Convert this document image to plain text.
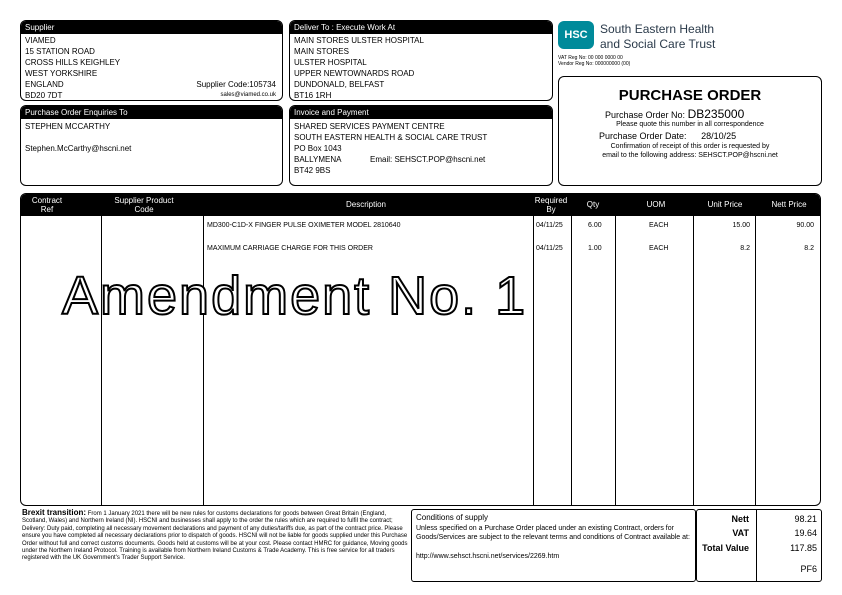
Supplier
VIAMED
15 STATION ROAD
CROSS HILLS KEIGHLEY
WEST YORKSHIRE
ENGLAND
BD20 7DT
Supplier Code:105734
sales@viamed.co.uk
Deliver To : Execute Work At
MAIN STORES ULSTER HOSPITAL
MAIN STORES
ULSTER HOSPITAL
UPPER NEWTOWNARDS ROAD
DUNDONALD, BELFAST
BT16 1RH
HSC	South Eastern Health
and Social Care Trust
VAT Reg No: 00 000 0000 00
Vendor Reg No: 000000000 (00)
PURCHASE ORDER
Purchase Order No: DB235000
Please quote this number in all correspondence
Purchase Order Date: 28/10/25
Confirmation of receipt of this order is requested by
email to the following address: SEHSCT.POP@hscni.net
Purchase Order Enquiries To
STEPHEN MCCARTHY
Stephen.McCarthy@hscni.net
Invoice and Payment
SHARED SERVICES PAYMENT CENTRE
SOUTH EASTERN HEALTH & SOCIAL CARE TRUST
PO Box 1043
BALLYMENA
BT42 9BS
Email: SEHSCT.POP@hscni.net
Contract Ref
Supplier Product Code
Description	Required By
Qty	UOM	Unit Price	Nett Price
MD300-C1D-X FINGER PULSE OXIMETER MODEL 2810640	04/11/25	6.00	EACH	15.00	90.00
MAXIMUM CARRIAGE CHARGE FOR THIS ORDER	04/11/25	1.00	EACH	8.2	8.2
Amendment No. 1
Brexit transition: From 1 January 2021 there will be new rules for customs declarations for goods between Great Britain (England, Scotland, Wales) and Northern Ireland (NI). HSCNI and businesses shall apply to the order the rules which are required to fulfil the contract; Delivery: Duty paid, completing all necessary movement declarations and payment of any duties/tariffs due, as part of the contract price. Please ensure you have completed all necessary declarations prior to dispatch of goods. HSCNI will not be liable for goods supplied under this Purchase Order without full and correct customs documents. Goods held at customs will be at your cost. Please contact HMRC for guidance, Moving goods under the Northern Ireland Protocol. Training is available from Northern Ireland Customs & Trade Academy. This is free service for all traders registered with the UK Government's Trader Support Service.
Conditions of supply
Unless specified on a Purchase Order placed under an existing Contract, orders for Goods/Services are subject to the relevant terms and conditions of Contract available at:
http://www.sehsct.hscni.net/services/2269.htm
Nett	98.21
VAT	19.64
Total Value	117.85
PF6
